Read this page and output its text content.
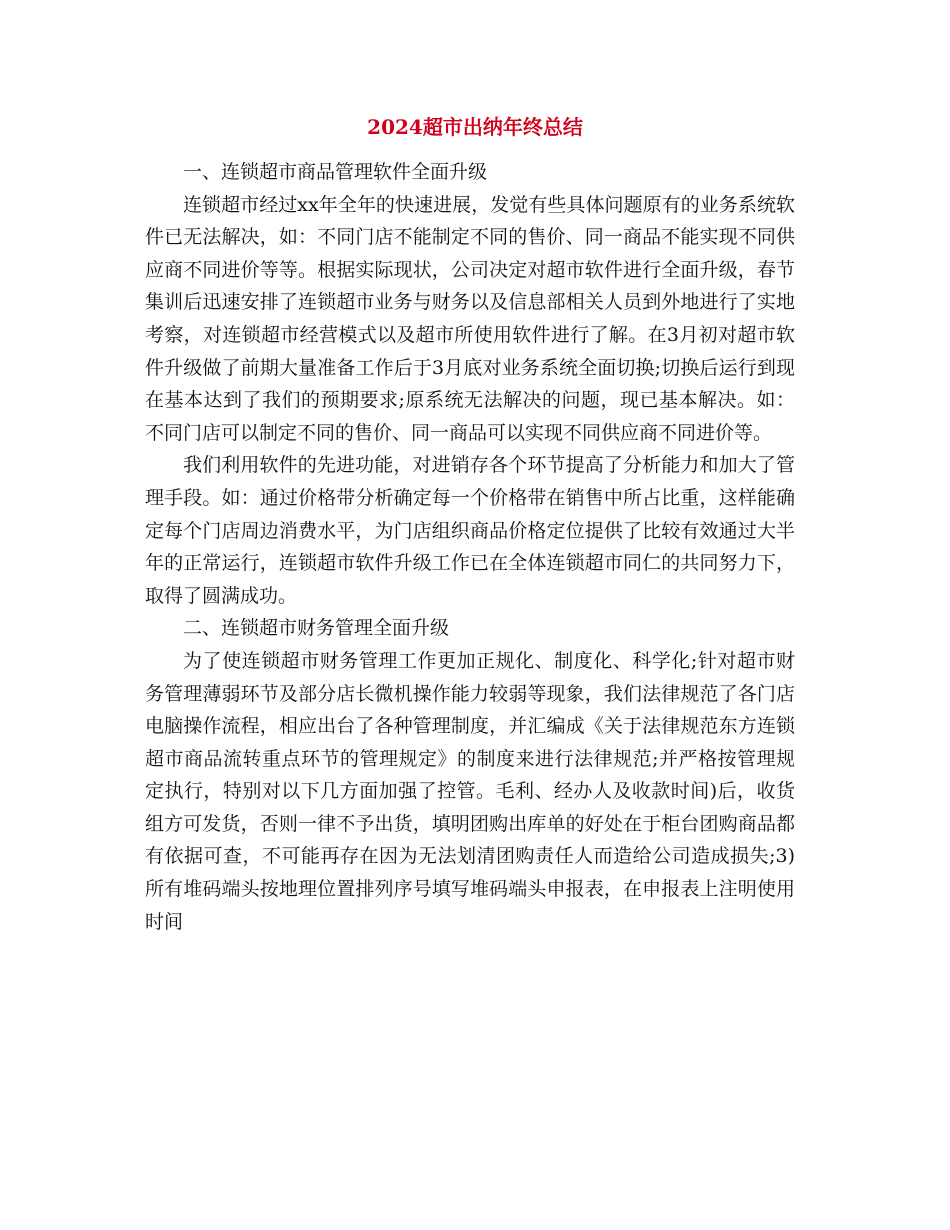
2024超市出纳年终总结

一、连锁超市商品管理软件全面升级

连锁超市经过xx年全年的快速进展，发觉有些具体问题原有的业务系统软件已无法解决，如：不同门店不能制定不同的售价、同一商品不能实现不同供应商不同进价等等。根据实际现状，公司决定对超市软件进行全面升级，春节集训后迅速安排了连锁超市业务与财务以及信息部相关人员到外地进行了实地考察，对连锁超市经营模式以及超市所使用软件进行了解。在3月初对超市软件升级做了前期大量准备工作后于3月底对业务系统全面切换;切换后运行到现在基本达到了我们的预期要求;原系统无法解决的问题，现已基本解决。如：不同门店可以制定不同的售价、同一商品可以实现不同供应商不同进价等。

我们利用软件的先进功能，对进销存各个环节提高了分析能力和加大了管理手段。如：通过价格带分析确定每一个价格带在销售中所占比重，这样能确定每个门店周边消费水平，为门店组织商品价格定位提供了比较有效通过大半年的正常运行，连锁超市软件升级工作已在全体连锁超市同仁的共同努力下，取得了圆满成功。

二、连锁超市财务管理全面升级

为了使连锁超市财务管理工作更加正规化、制度化、科学化;针对超市财务管理薄弱环节及部分店长微机操作能力较弱等现象，我们法律规范了各门店电脑操作流程，相应出台了各种管理制度，并汇编成《关于法律规范东方连锁超市商品流转重点环节的管理规定》的制度来进行法律规范;并严格按管理规定执行，特别对以下几方面加强了控管。毛利、经办人及收款时间)后，收货组方可发货，否则一律不予出货，填明团购出库单的好处在于柜台团购商品都有依据可查，不可能再存在因为无法划清团购责任人而造给公司造成损失;3)所有堆码端头按地理位置排列序号填写堆码端头申报表，在申报表上注明使用时间
